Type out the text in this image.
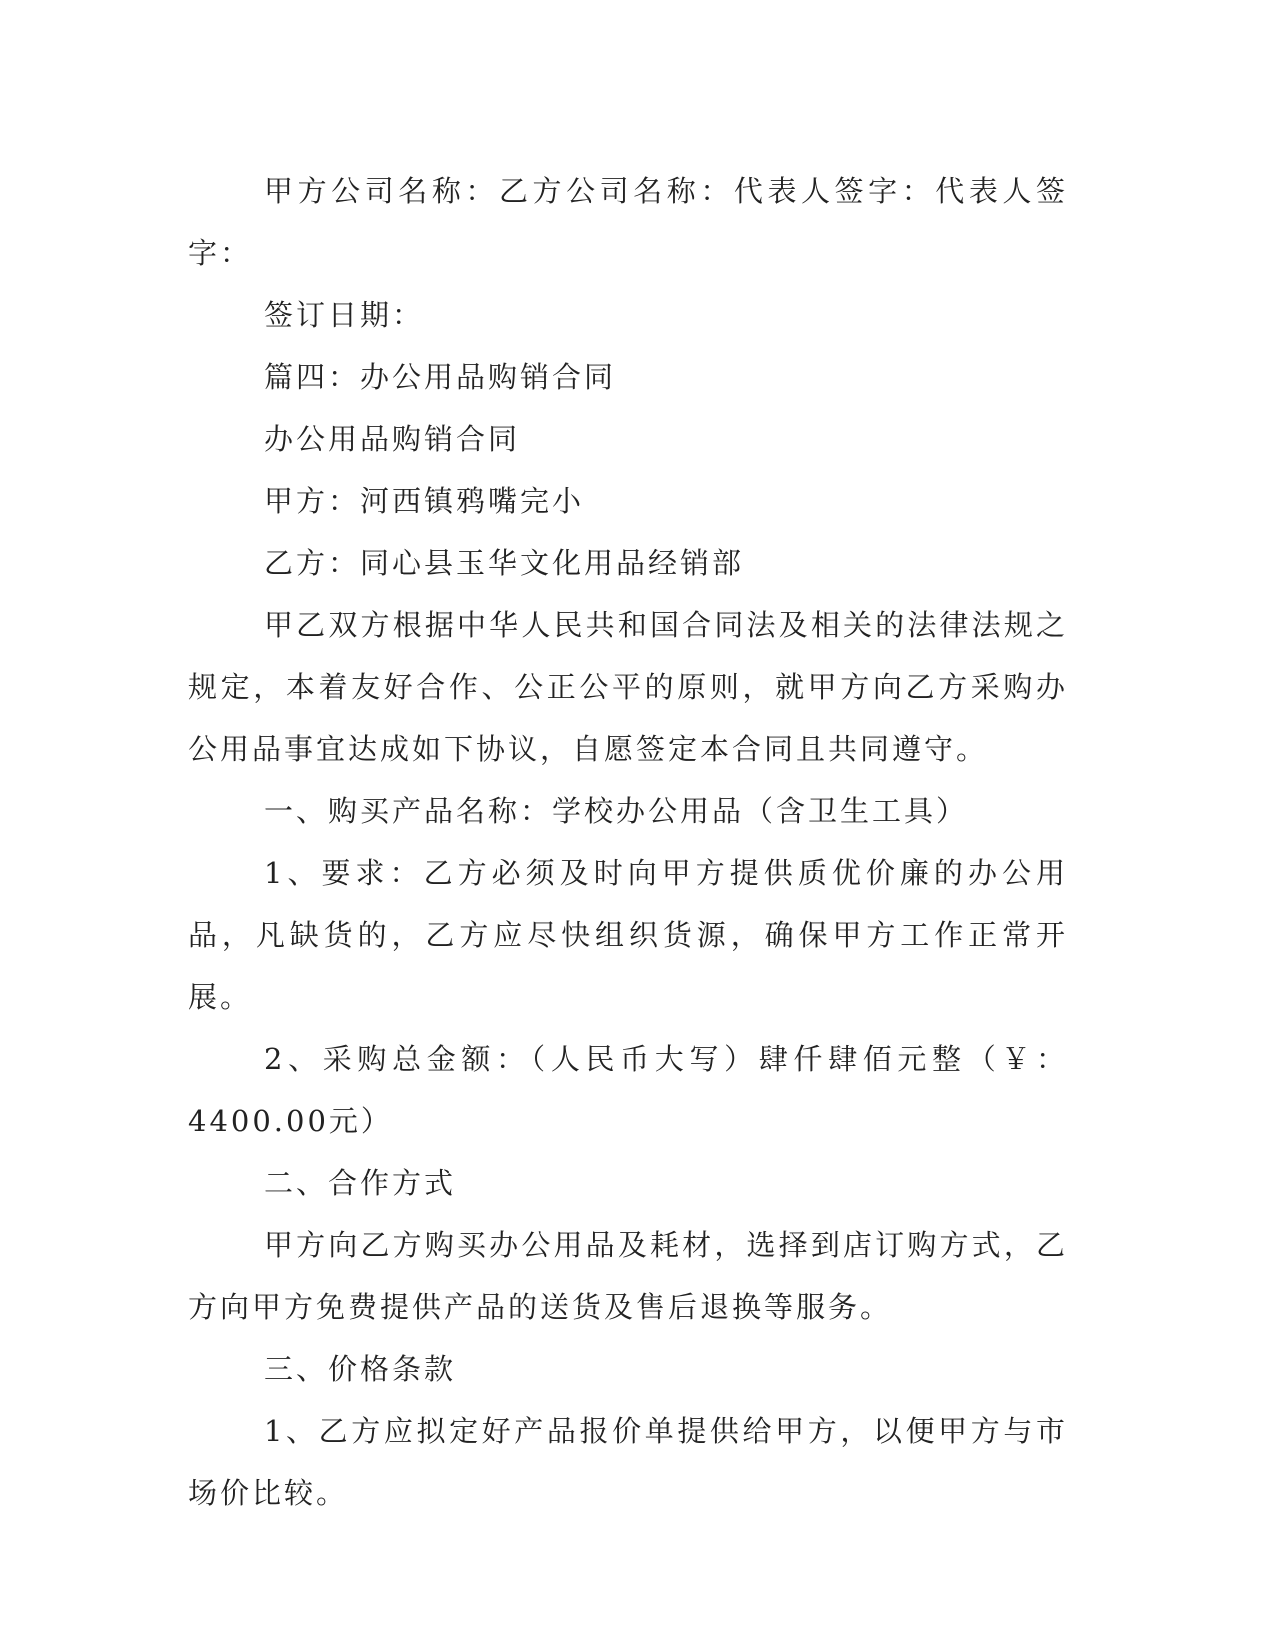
甲方公司名称：乙方公司名称：代表人签字：代表人签字：

签订日期：

篇四：办公用品购销合同

办公用品购销合同

甲方：河西镇鸦嘴完小

乙方：同心县玉华文化用品经销部

甲乙双方根据中华人民共和国合同法及相关的法律法规之规定，本着友好合作、公正公平的原则，就甲方向乙方采购办公用品事宜达成如下协议，自愿签定本合同且共同遵守。

一、购买产品名称：学校办公用品（含卫生工具）

1、要求：乙方必须及时向甲方提供质优价廉的办公用品，凡缺货的，乙方应尽快组织货源，确保甲方工作正常开展。

2、采购总金额：（人民币大写）肆仟肆佰元整（￥：4400.00元）

二、合作方式

甲方向乙方购买办公用品及耗材，选择到店订购方式，乙方向甲方免费提供产品的送货及售后退换等服务。

三、价格条款

1、乙方应拟定好产品报价单提供给甲方，以便甲方与市场价比较。
